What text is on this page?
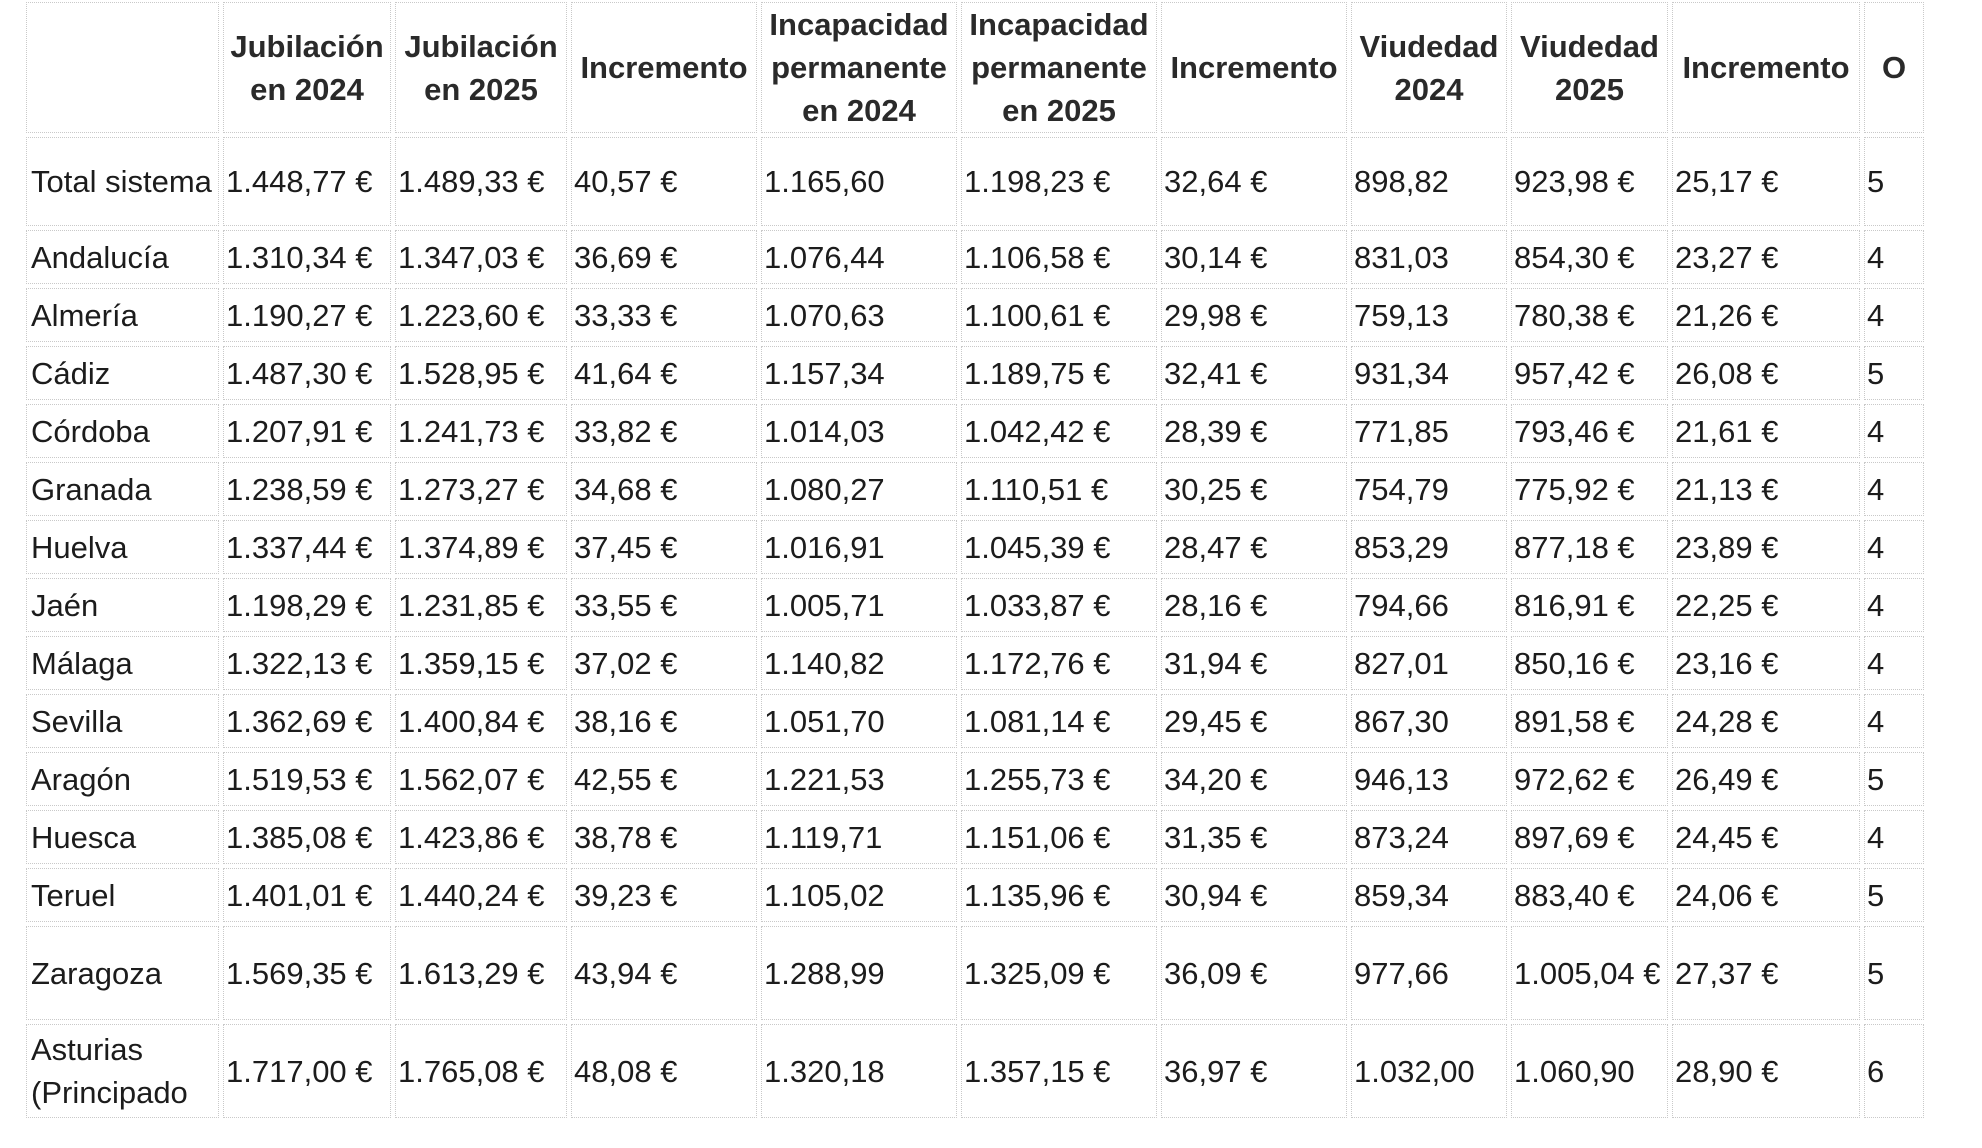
	Jubilación en 2024	Jubilación en 2025	Incremento	Incapacidad permanente en 2024	Incapacidad permanente en 2025	Incremento	Viudedad 2024	Viudedad 2025	Incremento	O
Total sistema	1.448,77 €	1.489,33 €	40,57 €	1.165,60	1.198,23 €	32,64 €	898,82	923,98 €	25,17 €	5
Andalucía	1.310,34 €	1.347,03 €	36,69 €	1.076,44	1.106,58 €	30,14 €	831,03	854,30 €	23,27 €	4
Almería	1.190,27 €	1.223,60 €	33,33 €	1.070,63	1.100,61 €	29,98 €	759,13	780,38 €	21,26 €	4
Cádiz	1.487,30 €	1.528,95 €	41,64 €	1.157,34	1.189,75 €	32,41 €	931,34	957,42 €	26,08 €	5
Córdoba	1.207,91 €	1.241,73 €	33,82 €	1.014,03	1.042,42 €	28,39 €	771,85	793,46 €	21,61 €	4
Granada	1.238,59 €	1.273,27 €	34,68 €	1.080,27	1.110,51 €	30,25 €	754,79	775,92 €	21,13 €	4
Huelva	1.337,44 €	1.374,89 €	37,45 €	1.016,91	1.045,39 €	28,47 €	853,29	877,18 €	23,89 €	4
Jaén	1.198,29 €	1.231,85 €	33,55 €	1.005,71	1.033,87 €	28,16 €	794,66	816,91 €	22,25 €	4
Málaga	1.322,13 €	1.359,15 €	37,02 €	1.140,82	1.172,76 €	31,94 €	827,01	850,16 €	23,16 €	4
Sevilla	1.362,69 €	1.400,84 €	38,16 €	1.051,70	1.081,14 €	29,45 €	867,30	891,58 €	24,28 €	4
Aragón	1.519,53 €	1.562,07 €	42,55 €	1.221,53	1.255,73 €	34,20 €	946,13	972,62 €	26,49 €	5
Huesca	1.385,08 €	1.423,86 €	38,78 €	1.119,71	1.151,06 €	31,35 €	873,24	897,69 €	24,45 €	4
Teruel	1.401,01 €	1.440,24 €	39,23 €	1.105,02	1.135,96 €	30,94 €	859,34	883,40 €	24,06 €	5
Zaragoza	1.569,35 €	1.613,29 €	43,94 €	1.288,99	1.325,09 €	36,09 €	977,66	1.005,04 €	27,37 €	5
Asturias (Principado	1.717,00 €	1.765,08 €	48,08 €	1.320,18	1.357,15 €	36,97 €	1.032,00	1.060,90	28,90 €	6
